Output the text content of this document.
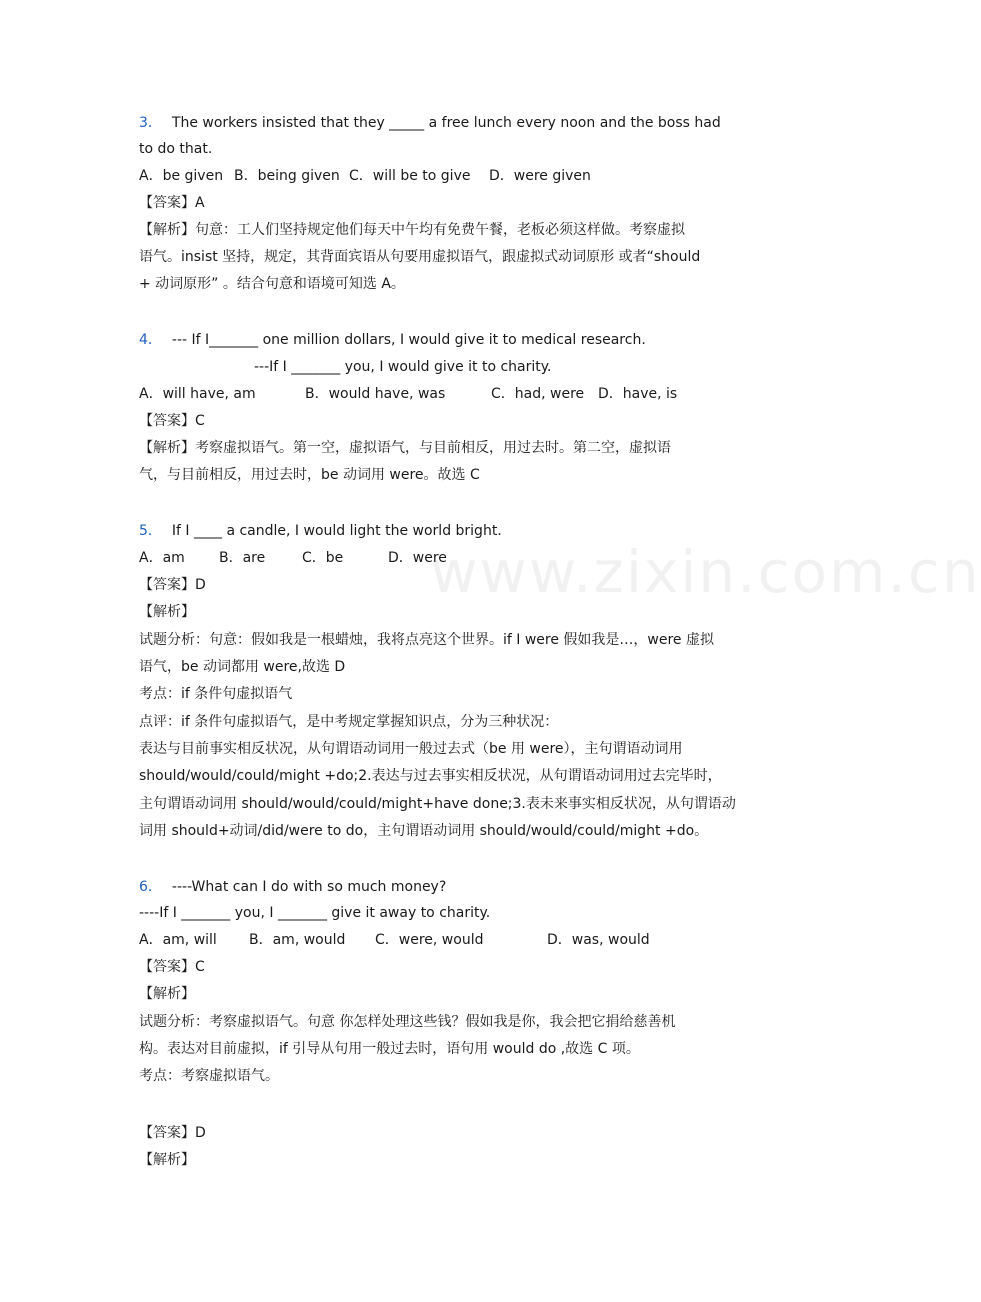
www.zixin.com.cn
3． The workers insisted that they _____ a free lunch every noon and the boss had
to do that.
A．be given B．being given C．will be to give D．were given
【答案】A
【解析】句意：工人们坚持规定他们每天中午均有免费午餐，老板必须这样做。考察虚拟
语气。insist 坚持，规定，其背面宾语从句要用虚拟语气，跟虚拟式动词原形 或者“should
+ 动词原形” 。结合句意和语境可知选 A。
4． --- If I_______ one million dollars, I would give it to medical research.
---If I _______ you, I would give it to charity.
A．will have, am	B．would have, was	C．had, were D．have, is
【答案】C
【解析】考察虚拟语气。第一空，虚拟语气，与目前相反，用过去时。第二空，虚拟语
气，与目前相反，用过去时，be 动词用 were。故选 C
5． If I ____ a candle, I would light the world bright.
A．am B．are	C．be	D．were
【答案】D
【解析】
试题分析：句意：假如我是一根蜡烛，我将点亮这个世界。if I were 假如我是…，were 虚拟
语气，be 动词都用 were,故选 D
考点：if 条件句虚拟语气
点评：if 条件句虚拟语气，是中考规定掌握知识点，分为三种状况：
表达与目前事实相反状况，从句谓语动词用一般过去式（be 用 were），主句谓语动词用
should/would/could/might +do;2.表达与过去事实相反状况，从句谓语动词用过去完毕时，
主句谓语动词用 should/would/could/might+have done;3.表未来事实相反状况，从句谓语动
词用 should+动词/did/were to do，主句谓语动词用 should/would/could/might +do。
6． ----What can I do with so much money?
----If I _______ you, I _______ give it away to charity.
A．am, will B．am, would C．were, would	D．was, would
【答案】C
【解析】
试题分析：考察虚拟语气。句意 你怎样处理这些钱？假如我是你，我会把它捐给慈善机
构。表达对目前虚拟，if 引导从句用一般过去时，语句用 would do ,故选 C 项。
考点：考察虚拟语气。
【答案】D
【解析】
